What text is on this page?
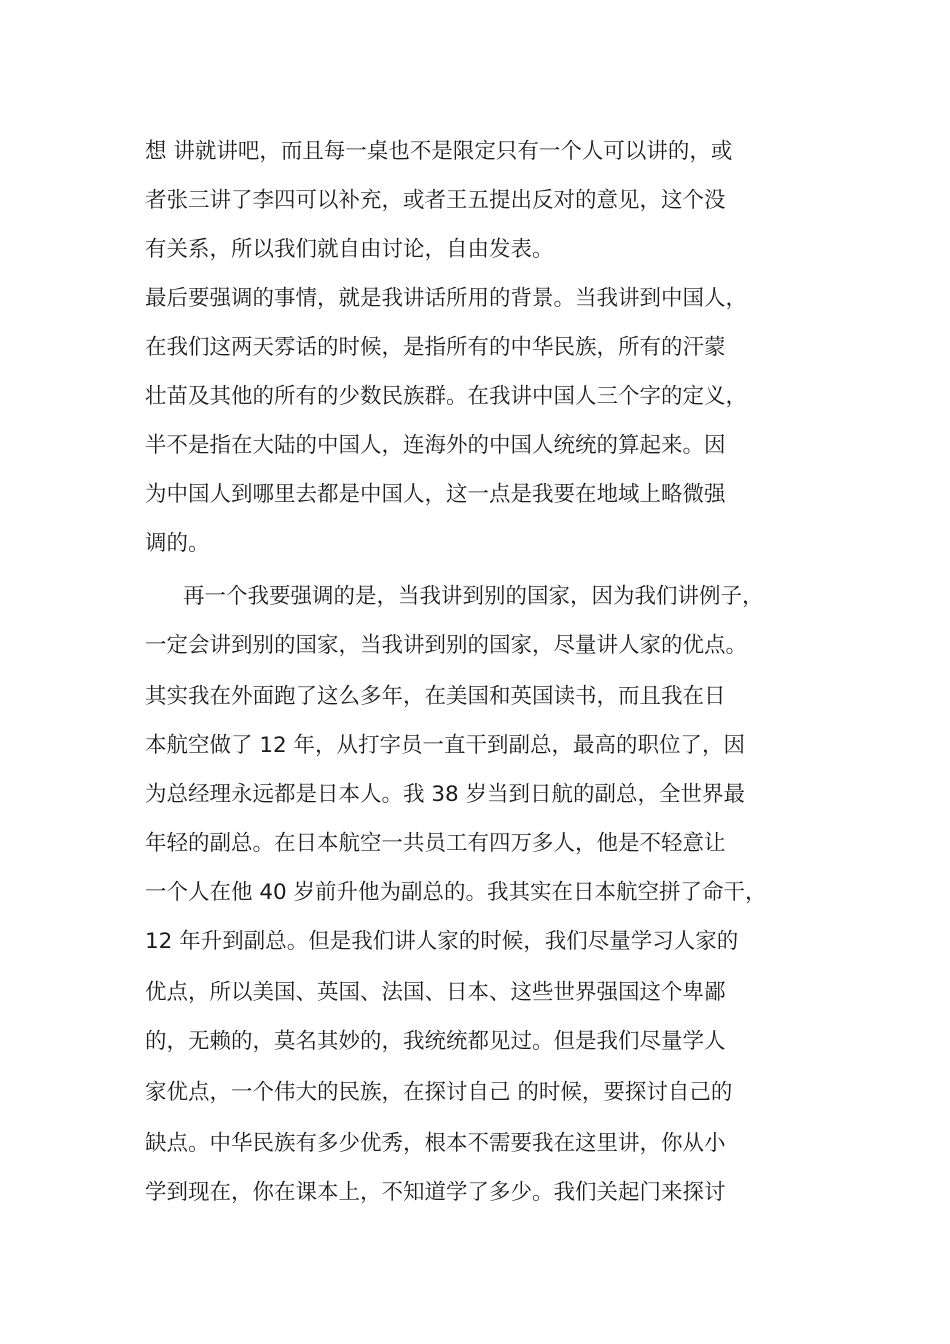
想 讲就讲吧，而且每一桌也不是限定只有一个人可以讲的，或
者张三讲了李四可以补充，或者王五提出反对的意见，这个没
有关系，所以我们就自由讨论，自由发表。
最后要强调的事情，就是我讲话所用的背景。当我讲到中国人，
在我们这两天雰话的时候，是指所有的中华民族，所有的汗蒙
壮苗及其他的所有的少数民族群。在我讲中国人三个字的定义，
半不是指在大陆的中国人，连海外的中国人统统的算起来。因
为中国人到哪里去都是中国人，这一点是我要在地域上略微强
调的。
再一个我要强调的是，当我讲到别的国家，因为我们讲例子，
一定会讲到别的国家，当我讲到别的国家，尽量讲人家的优点。
其实我在外面跑了这么多年，在美国和英国读书，而且我在日
本航空做了 12 年，从打字员一直干到副总，最高的职位了，因
为总经理永远都是日本人。我 38 岁当到日航的副总，全世界最
年轻的副总。在日本航空一共员工有四万多人，他是不轻意让
一个人在他 40 岁前升他为副总的。我其实在日本航空拼了命干，
12 年升到副总。但是我们讲人家的时候，我们尽量学习人家的
优点，所以美国、英国、法国、日本、这些世界强国这个卑鄙
的，无赖的，莫名其妙的，我统统都见过。但是我们尽量学人
家优点，一个伟大的民族，在探讨自己 的时候，要探讨自己的
缺点。中华民族有多少优秀，根本不需要我在这里讲，你从小
学到现在，你在课本上，不知道学了多少。我们关起门来探讨
